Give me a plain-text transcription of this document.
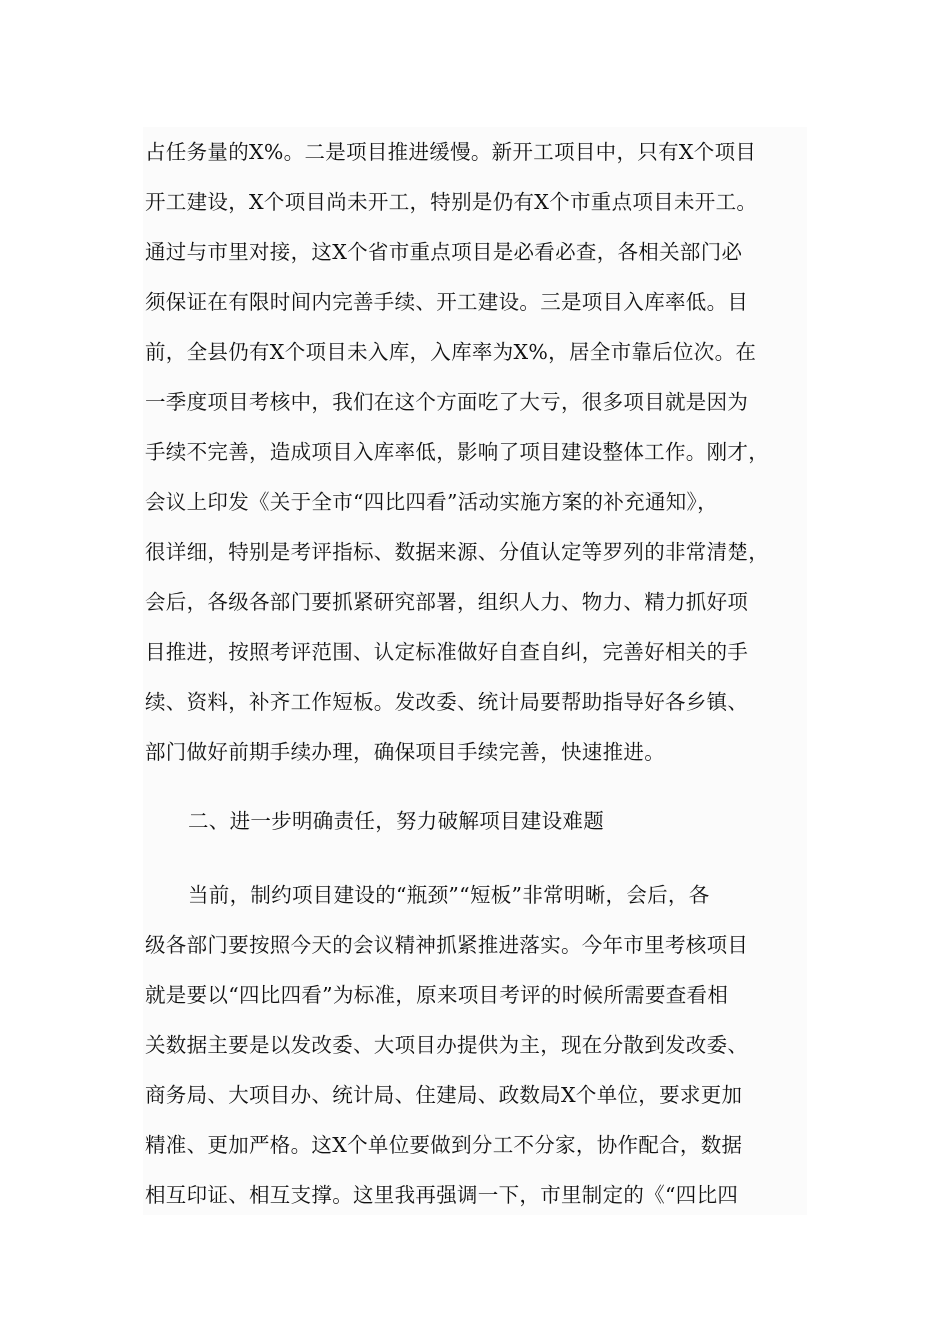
占任务量的X%。二是项目推进缓慢。新开工项目中，只有X个项目
开工建设，X个项目尚未开工，特别是仍有X个市重点项目未开工。
通过与市里对接，这X个省市重点项目是必看必查，各相关部门必
须保证在有限时间内完善手续、开工建设。三是项目入库率低。目
前，全县仍有X个项目未入库，入库率为X%，居全市靠后位次。在
一季度项目考核中，我们在这个方面吃了大亏，很多项目就是因为
手续不完善，造成项目入库率低，影响了项目建设整体工作。刚才，
会议上印发《关于全市“四比四看”活动实施方案的补充通知》，
很详细，特别是考评指标、数据来源、分值认定等罗列的非常清楚，
会后，各级各部门要抓紧研究部署，组织人力、物力、精力抓好项
目推进，按照考评范围、认定标准做好自查自纠，完善好相关的手
续、资料，补齐工作短板。发改委、统计局要帮助指导好各乡镇、
部门做好前期手续办理，确保项目手续完善，快速推进。
二、进一步明确责任，努力破解项目建设难题
当前，制约项目建设的“瓶颈”“短板”非常明晰，会后，各
级各部门要按照今天的会议精神抓紧推进落实。今年市里考核项目
就是要以“四比四看”为标准，原来项目考评的时候所需要查看相
关数据主要是以发改委、大项目办提供为主，现在分散到发改委、
商务局、大项目办、统计局、住建局、政数局X个单位，要求更加
精准、更加严格。这X个单位要做到分工不分家，协作配合，数据
相互印证、相互支撑。这里我再强调一下，市里制定的《“四比四
